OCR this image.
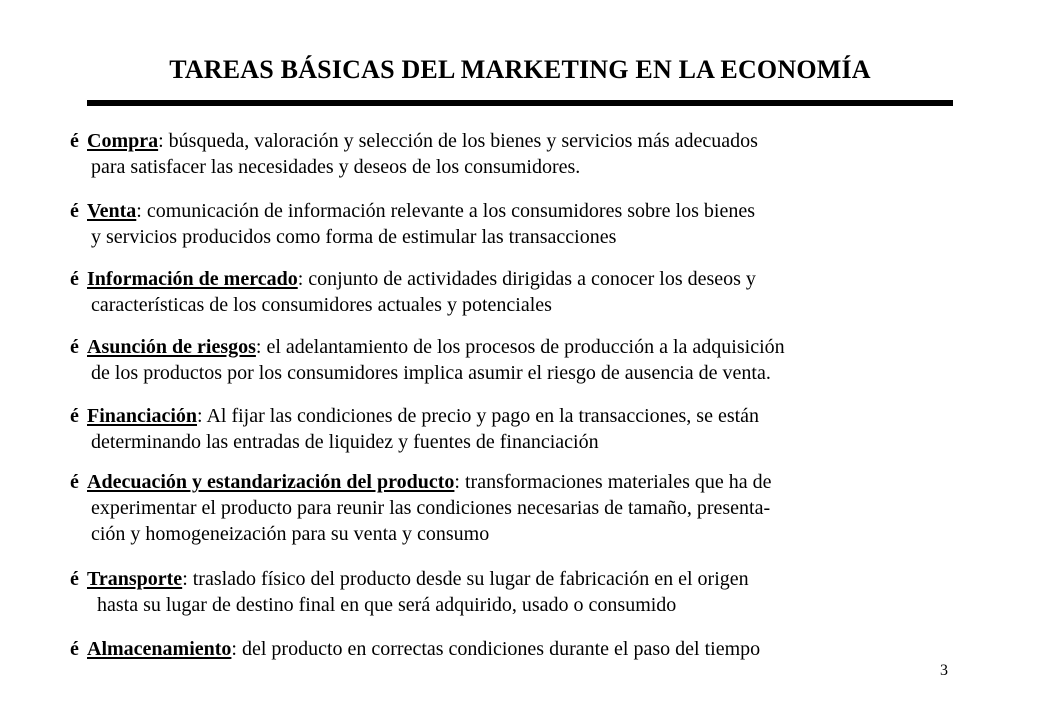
TAREAS BÁSICAS DEL MARKETING EN LA ECONOMÍA
é Compra: búsqueda, valoración y selección de los bienes y servicios más adecuados
para satisfacer las necesidades y deseos de los consumidores.
é Venta: comunicación de información relevante a los consumidores sobre los bienes
y servicios producidos como forma de estimular las transacciones
é Información de mercado: conjunto de actividades dirigidas a conocer los deseos y
características de los consumidores actuales y potenciales
é Asunción de riesgos: el adelantamiento de los procesos de producción a la adquisición
de los productos por los consumidores implica asumir el riesgo de ausencia de venta.
é Financiación: Al fijar las condiciones de precio y pago en la transacciones, se están
determinando las entradas de liquidez y fuentes de financiación
é Adecuación y estandarización del producto: transformaciones materiales que ha de
experimentar el producto para reunir las condiciones necesarias de tamaño, presenta-
ción y homogeneización para su venta y consumo
é Transporte: traslado físico del producto desde su lugar de fabricación en el origen
hasta su lugar de destino final en que será adquirido, usado o consumido
é Almacenamiento: del producto en correctas condiciones durante el paso del tiempo
3
